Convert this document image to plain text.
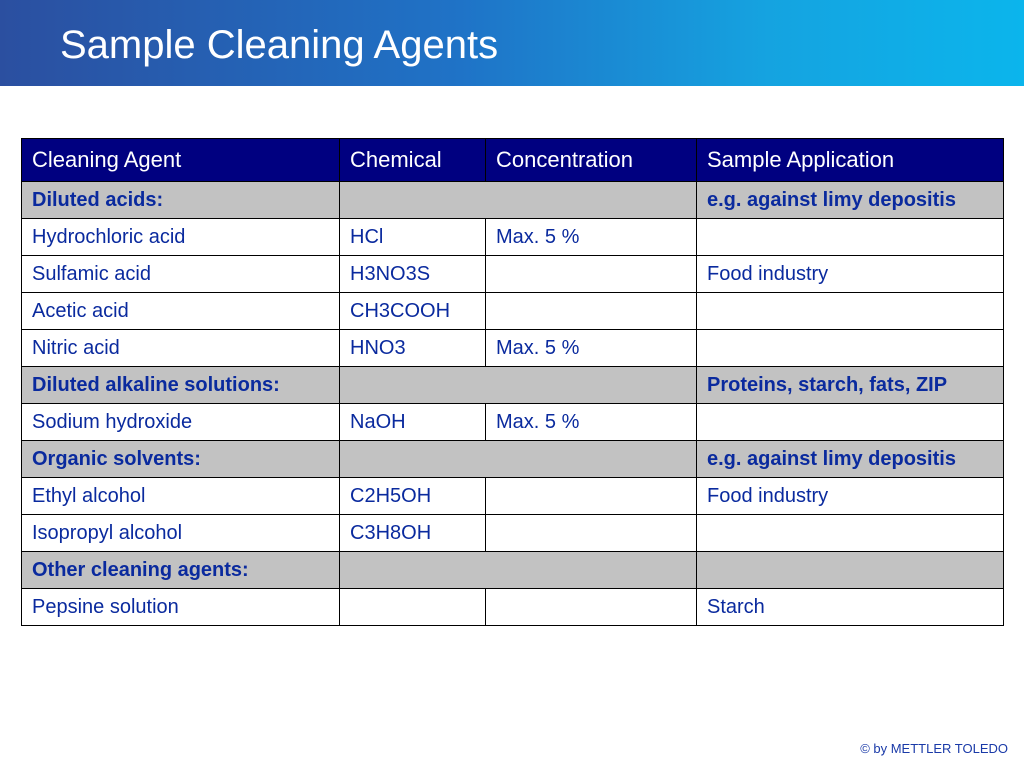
Sample Cleaning Agents
Cleaning Agent	Chemical	Concentration	Sample Application
Diluted acids:			e.g. against limy depositis
Hydrochloric acid	HCl	Max. 5 %	
Sulfamic acid	H3NO3S		Food industry
Acetic acid	CH3COOH		
Nitric acid	HNO3	Max. 5 %	
Diluted alkaline solutions:			Proteins, starch, fats, ZIP
Sodium hydroxide	NaOH	Max. 5 %	
Organic solvents:			e.g. against limy depositis
Ethyl alcohol	C2H5OH		Food industry
Isopropyl alcohol	C3H8OH		
Other cleaning agents:			
Pepsine solution			Starch
© by METTLER TOLEDO
